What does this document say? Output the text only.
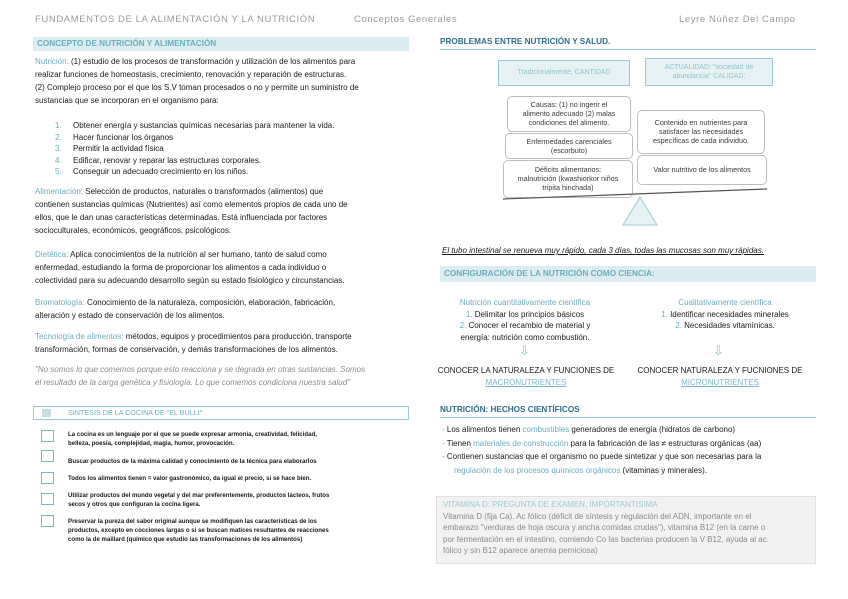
FUNDAMENTOS DE LA ALIMENTACIÓN Y LA NUTRICIÓN	Conceptos Generales	Leyre Núñez Del Campo
CONCEPTO DE NUTRICIÓN Y ALIMENTACIÓN
Nutrición: (1) estudio de los procesos de transformación y utilización de los alimentos para
realizar funciones de homeostasis, crecimiento, renovación y reparación de estructuras.
(2) Complejo proceso por el que los S.V toman procesados o no y permite un suministro de
sustancias que se incorporan en el organismo para:
1. Obtener energía y sustancias químicas necesarias para mantener la vida.
2. Hacer funcionar los órganos
3. Permitir la actividad física
4. Edificar, renovar y reparar las estructuras corporales.
5. Conseguir un adecuado crecimiento en los niños.
Alimentación: Selección de productos, naturales o transformados (alimentos) que
contienen sustancias químicas (Nutrientes) así como elementos propios de cada uno de
ellos, que le dan unas características determinadas. Está influenciada por factores
socioculturales, económicos, geográficos, psicológicos.
Dietética: Aplica conocimientos de la nutrición al ser humano, tanto de salud como
enfermedad, estudiando la forma de proporcionar los alimentos a cada individuo o
colectividad para su adecuando desarrollo según su estado fisiológico y circunstancias.
Bromatología: Conocimiento de la naturaleza, composición, elaboración, fabricación,
alteración y estado de conservación de los alimentos.
Tecnología de alimentos: métodos, equipos y procedimientos para producción, transporte
transformación, formas de conservación, y demás transformaciones de los alimentos.
"No somos lo que comemos porque esto reacciona y se degrada en otras sustancias. Somos
el resultado de la carga genética y fisiología. Lo que comemos condiciona nuestra salud"
SINTESIS DE LA COCINA DE "EL BULLI"
La cocina es un lenguaje por el que se puede expresar armonía, creatividad, felicidad,
belleza, poesía, complejidad, magia, humor, provocación.
Buscar productos de la máxima calidad y conocimiento de la técnica para elaborarlos
Todos los alimentos tienen = valor gastronómico, da igual el precio, si se hace bien.
Utilizar productos del mundo vegetal y del mar preferentemente, productos lácteos, frutos
secos y otros que configuran la cocina ligera.
Preservar la pureza del sabor original aunque se modifiquen las características de los
productos, excepto en cocciones largas o si se buscan matices resultantes de reacciones
como la de maillard (químico que estudio las transformaciones de los alimentos)
PROBLEMAS ENTRE NUTRICIÓN Y SALUD.
Tradicionalmente, CANTIDAD
ACTUALIDAD: "sociedad de
abundancia" CALIDAD:
Causas: (1) no ingerir el
alimento adecuado (2) malas
condiciones del alimento.
Enfermedades carenciales
(escorbuto)
Déficits alimentarios:
malnutrición (kwashiorkor niños
tripita hinchada)
Contenido en nutrientes para
satisfacer las necesidades
específicas de cada individuo.
Valor nutritivo de los alimentos
El tubo intestinal se renueva muy rápido, cada 3 días, todas las mucosas son muy rápidas.
CONFIGURACIÓN DE LA NUTRICIÓN COMO CIENCIA:
Nutrición cuantitativamente científica
1. Delimitar los principios básicos
2. Conocer el recambio de material y
energía: nutrición como combustión.
Cualitativamente científica
1. Identificar necesidades minerales
2. Necesidades vitamínicas.
⇩	⇩
CONOCER LA NATURALEZA Y FUNCIONES DE
MACRONUTRIENTES
CONOCER NATURALEZA Y FUCNIONES DE
MICRONUTRIENTES
NUTRICIÓN: HECHOS CIENTÍFICOS
- Los alimentos tienen combustibles generadores de energía (hidratos de carbono)
- Tienen materiales de construcción para la fabricación de las ≠ estructuras orgánicas (aa)
- Contienen sustancias que el organismo no puede sintetizar y que son necesarias para la
regulación de los procesos químicos orgánicos (vitaminas y minerales).
VITAMINA D: PREGUNTA DE EXAMEN, IMPORTANTISIMA
Vitamina D (fija Ca). Ac fólico (déficit de síntesis y regulación del ADN, importante en el
embarazo "verduras de hoja oscura y ancha comidas crudas"), vitamina B12 (en la carne o
por fermentación en el intestino, comiendo Co las bacterias producen la V B12, ayuda al ac.
fólico y sin B12 aparece anemia perniciosa)
